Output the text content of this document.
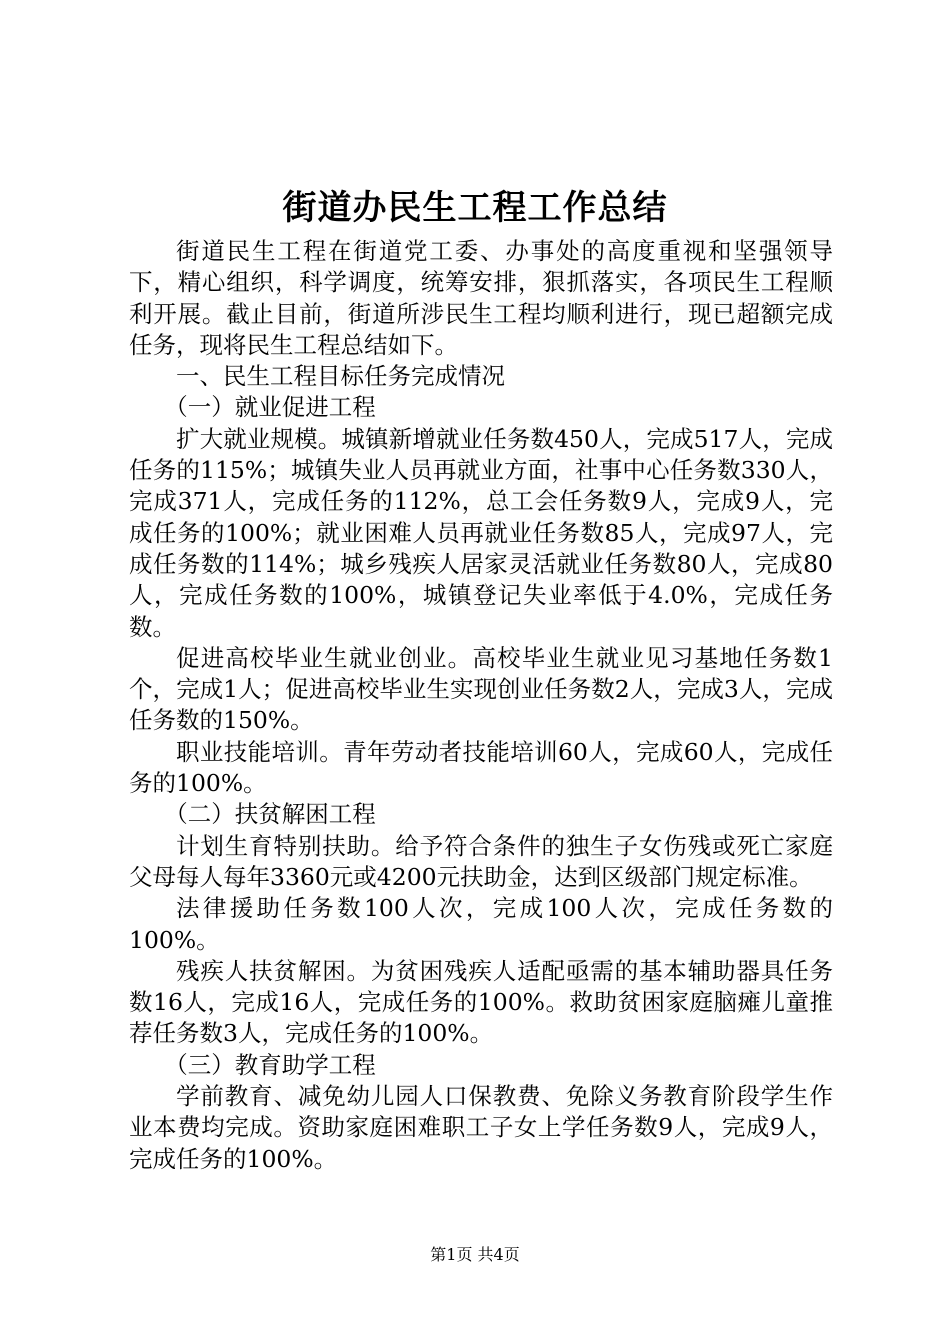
街道办民生工程工作总结

街道民生工程在街道党工委、办事处的高度重视和坚强领导下，精心组织，科学调度，统筹安排，狠抓落实，各项民生工程顺利开展。截止目前，街道所涉民生工程均顺利进行，现已超额完成任务，现将民生工程总结如下。

一、民生工程目标任务完成情况

（一）就业促进工程

扩大就业规模。城镇新增就业任务数450人，完成517人，完成任务的115%；城镇失业人员再就业方面，社事中心任务数330人，完成371人，完成任务的112%，总工会任务数9人，完成9人，完成任务的100%；就业困难人员再就业任务数85人，完成97人，完成任务数的114%；城乡残疾人居家灵活就业任务数80人，完成80人，完成任务数的100%，城镇登记失业率低于4.0%，完成任务数。

促进高校毕业生就业创业。高校毕业生就业见习基地任务数1个，完成1人；促进高校毕业生实现创业任务数2人，完成3人，完成任务数的150%。

职业技能培训。青年劳动者技能培训60人，完成60人，完成任务的100%。

（二）扶贫解困工程

计划生育特别扶助。给予符合条件的独生子女伤残或死亡家庭父母每人每年3360元或4200元扶助金，达到区级部门规定标准。

法律援助任务数100人次，完成100人次，完成任务数的100%。

残疾人扶贫解困。为贫困残疾人适配亟需的基本辅助器具任务数16人，完成16人，完成任务的100%。救助贫困家庭脑瘫儿童推荐任务数3人，完成任务的100%。

（三）教育助学工程

学前教育、减免幼儿园人口保教费、免除义务教育阶段学生作业本费均完成。资助家庭困难职工子女上学任务数9人，完成9人，完成任务的100%。

第1页 共4页
